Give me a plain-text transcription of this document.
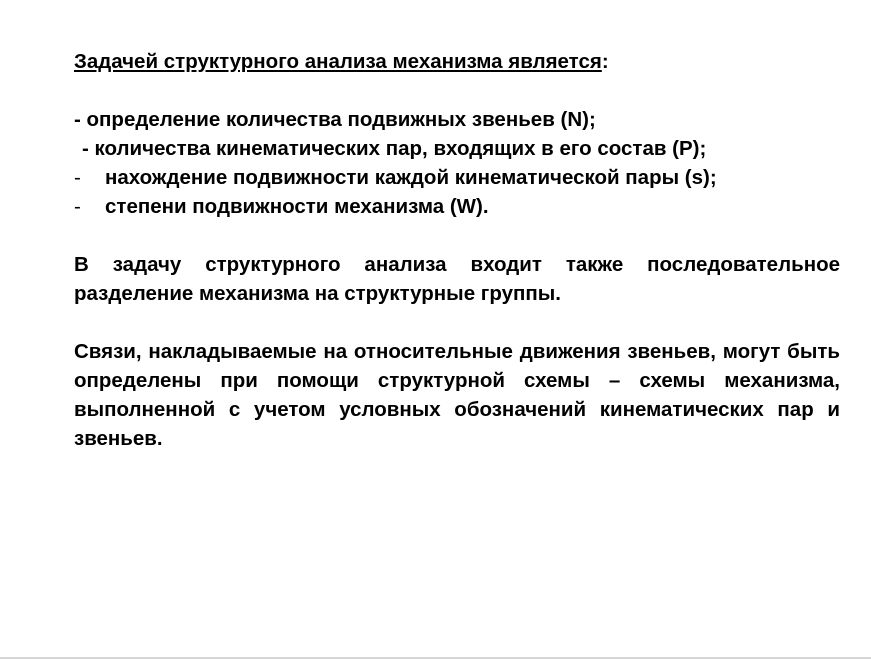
Задачей структурного анализа механизма является:

- определение количества подвижных звеньев (N);
- количества кинематических пар, входящих в его состав (P);
- нахождение подвижности каждой кинематической пары (s);
- степени подвижности механизма (W).

В задачу структурного анализа входит также последовательное разделение механизма на структурные группы.

Связи, накладываемые на относительные движения звеньев, могут быть определены при помощи структурной схемы – схемы механизма, выполненной с учетом условных обозначений кинематических пар и звеньев.
